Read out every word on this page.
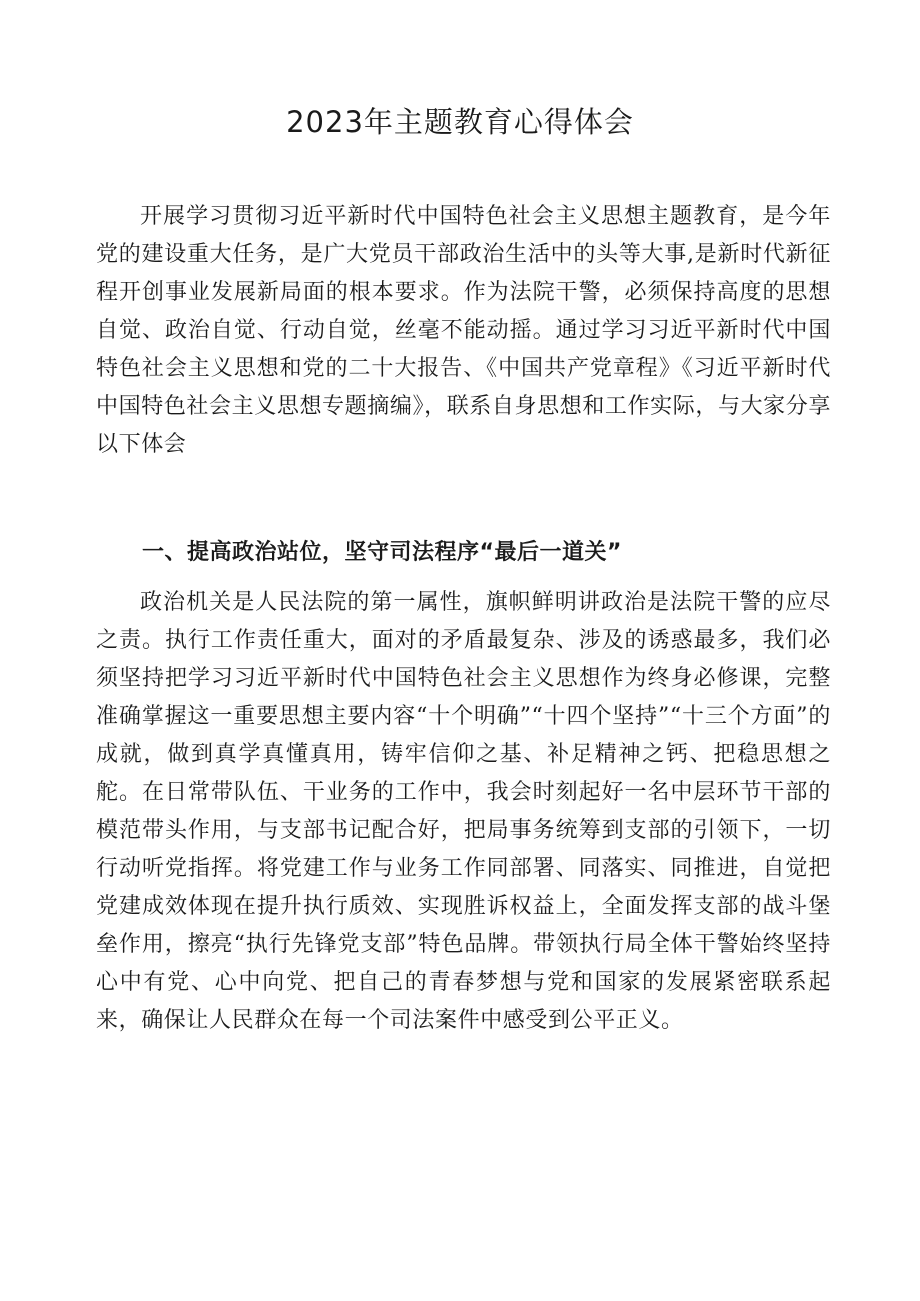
2023年主题教育心得体会

开展学习贯彻习近平新时代中国特色社会主义思想主题教育，是今年党的建设重大任务，是广大党员干部政治生活中的头等大事,是新时代新征程开创事业发展新局面的根本要求。作为法院干警，必须保持高度的思想自觉、政治自觉、行动自觉，丝毫不能动摇。通过学习习近平新时代中国特色社会主义思想和党的二十大报告、《中国共产党章程》《习近平新时代中国特色社会主义思想专题摘编》，联系自身思想和工作实际，与大家分享以下体会

一、提高政治站位，坚守司法程序“最后一道关”

政治机关是人民法院的第一属性，旗帜鲜明讲政治是法院干警的应尽之责。执行工作责任重大，面对的矛盾最复杂、涉及的诱惑最多，我们必须坚持把学习习近平新时代中国特色社会主义思想作为终身必修课，完整准确掌握这一重要思想主要内容“十个明确”“十四个坚持”“十三个方面”的成就，做到真学真懂真用，铸牢信仰之基、补足精神之钙、把稳思想之舵。在日常带队伍、干业务的工作中，我会时刻起好一名中层环节干部的模范带头作用，与支部书记配合好，把局事务统筹到支部的引领下，一切行动听党指挥。将党建工作与业务工作同部署、同落实、同推进，自觉把党建成效体现在提升执行质效、实现胜诉权益上，全面发挥支部的战斗堡垒作用，擦亮“执行先锋党支部”特色品牌。带领执行局全体干警始终坚持心中有党、心中向党、把自己的青春梦想与党和国家的发展紧密联系起来，确保让人民群众在每一个司法案件中感受到公平正义。
